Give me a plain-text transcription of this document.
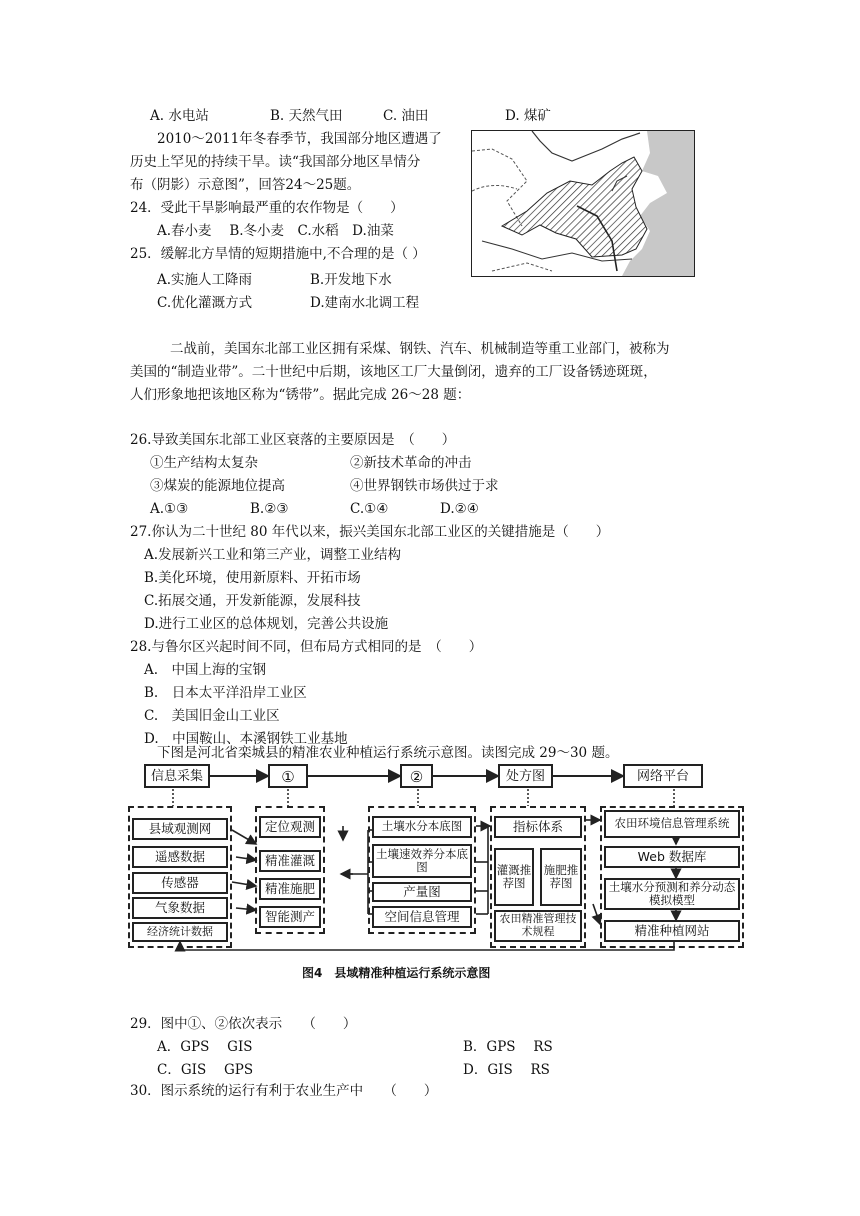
A. 水电站	B. 天然气田	C. 油田	D. 煤矿
2010～2011年冬春季节，我国部分地区遭遇了
历史上罕见的持续干旱。读“我国部分地区旱情分
布（阴影）示意图”，回答24～25题。
24．受此干旱影响最严重的农作物是（　　）
A.春小麦　 B.冬小麦　C.水稻　D.油菜
25．缓解北方旱情的短期措施中,不合理的是（ ）
A.实施人工降雨	B.开发地下水
C.优化灌溉方式	D.建南水北调工程
二战前，美国东北部工业区拥有采煤、钢铁、汽车、机械制造等重工业部门，被称为
美国的“制造业带”。二十世纪中后期，该地区工厂大量倒闭，遗弃的工厂设备锈迹斑斑，
人们形象地把该地区称为“锈带”。据此完成 26～28 题：
26.导致美国东北部工业区衰落的主要原因是　（　　）
①生产结构太复杂	②新技术革命的冲击
③煤炭的能源地位提高	④世界钢铁市场供过于求
A.①③	B.②③	C.①④	D.②④
27.你认为二十世纪 80 年代以来，振兴美国东北部工业区的关键措施是（　　）
A.发展新兴工业和第三产业，调整工业结构
B.美化环境，使用新原料、开拓市场
C.拓展交通，开发新能源，发展科技
D.进行工业区的总体规划，完善公共设施
28.与鲁尔区兴起时间不同，但布局方式相同的是　（　　）
A.　中国上海的宝钢
B.　日本太平洋沿岸工业区
C.　美国旧金山工业区
D.　中国鞍山、本溪钢铁工业基地
下图是河北省栾城县的精准农业种植运行系统示意图。读图完成 29～30 题。
信息采集	①	②	处方图	网络平台
县域观测网
遥感数据
传感器
气象数据
经济统计数据
定位观测
精准灌溉
精准施肥
智能测产
土壤水分本底图
土壤速效养分本底图
产量图
空间信息管理
指标体系
灌溉推荐图
施肥推荐图
农田精准管理技术规程
农田环境信息管理系统
Web 数据库
土壤水分预测和养分动态模拟模型
精准种植网站
图4　县域精准种植运行系统示意图
29．图中①、②依次表示　　（　　）
A．GPS　 GIS	B．GPS　 RS
C．GIS　 GPS	D．GIS　 RS
30．图示系统的运行有利于农业生产中　　（　　）
